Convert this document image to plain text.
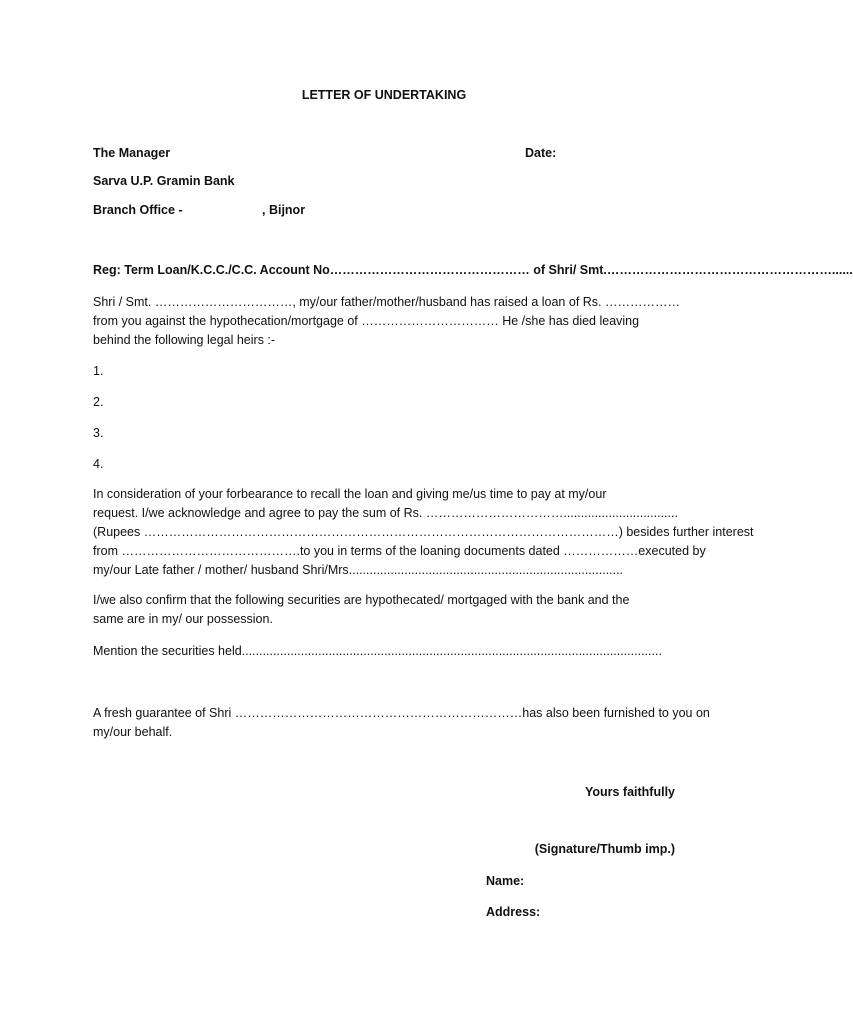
LETTER OF UNDERTAKING
The Manager	Date:
Sarva U.P. Gramin Bank
Branch Office -	, Bijnor
Reg: Term Loan/K.C.C./C.C. Account No………………………………………… of Shri/ Smt.………………………………………………......
Shri / Smt. ……………………………, my/our father/mother/husband has raised a loan of Rs. ………………
from you against the hypothecation/mortgage of …………………………… He /she has died leaving
behind the following legal heirs :-
1.
2.
3.
4.
In consideration of your forbearance to recall the loan and giving me/us time to pay at my/our
request. I/we acknowledge and agree to pay the sum of Rs. …………………………….................................
(Rupees ……………………………………………………………………………………………………) besides further interest
from …………………………………….to you in terms of the loaning documents dated ………………executed by
my/our Late father / mother/ husband Shri/Mrs...............................................................................
I/we also confirm that the following securities are hypothecated/ mortgaged with the bank and the
same are in my/ our possession.
Mention the securities held.........................................................................................................................
A fresh guarantee of Shri ……………………………………………………………has also been furnished to you on
my/our behalf.
Yours faithfully
(Signature/Thumb imp.)
Name:
Address:
